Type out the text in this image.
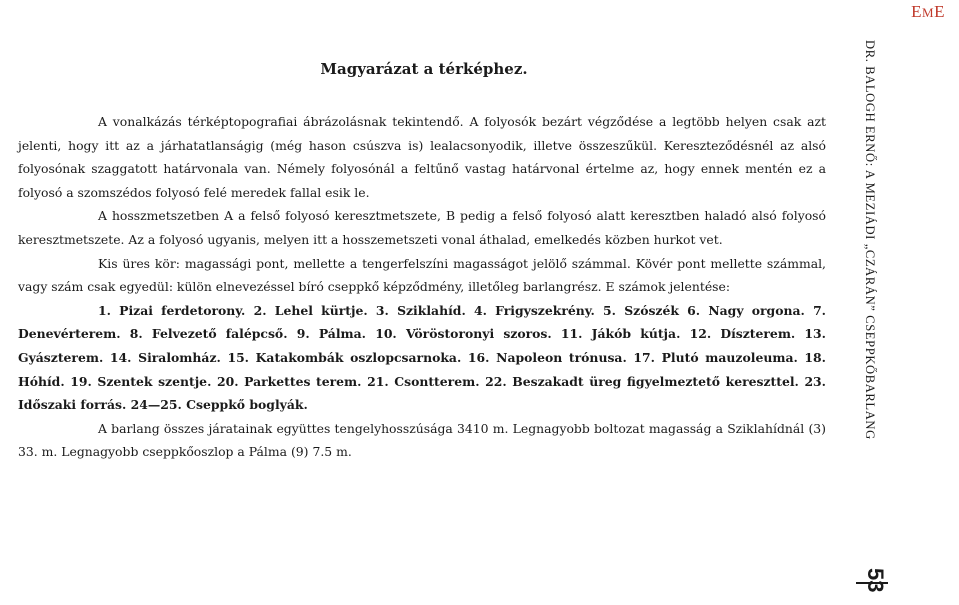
EME
Magyarázat a térképhez.

A vonalkázás térképtopografiai ábrázolásnak tekintendő. A folyosók bezárt végződése a legtöbb helyen csak azt jelenti, hogy itt az a járhatatlanságig (még hason csúszva is) lealacsonyodik, illetve összeszűkül. Kereszteződésnél az alsó folyosónak szaggatott határvonala van. Némely folyosónál a feltűnő vastag határvonal értelme az, hogy ennek mentén ez a folyosó a szomszédos folyosó felé meredek fallal esik le.

A hosszmetszetben A a felső folyosó keresztmetszete, B pedig a felső folyosó alatt keresztben haladó alsó folyosó keresztmetszete. Az a folyosó ugyanis, melyen itt a hosszemetszeti vonal áthalad, emelkedés közben hurkot vet.

Kis üres kör: magassági pont, mellette a tengerfelszíni magasságot jelölő számmal. Kövér pont mellette számmal, vagy szám csak egyedül: külön elnevezéssel bíró cseppkő képződmény, illetőleg barlangrész. E számok jelentése:

1. Pizai ferdetorony. 2. Lehel kürtje. 3. Sziklahíd. 4. Frigyszekrény. 5. Szószék 6. Nagy orgona. 7. Denevérterem. 8. Felvezető falépcső. 9. Pálma. 10. Vöröstoronyi szoros. 11. Jákób kútja. 12. Díszterem. 13. Gyászterem. 14. Siralomház. 15. Katakombák oszlopcsarnoka. 16. Napoleon trónusa. 17. Plutó mauzoleuma. 18. Hóhíd. 19. Szentek szentje. 20. Parkettes terem. 21. Csontterem. 22. Beszakadt üreg figyelmeztető kereszttel. 23. Időszaki forrás. 24—25. Cseppkő boglyák.

A barlang összes járatainak együttes tengelyhosszúsága 3410 m. Legnagyobb boltozat magasság a Sziklahídnál (3) 33. m. Legnagyobb cseppkőoszlop a Pálma (9) 7.5 m.

DR. BALOGH ERNŐ: A MEZIÁDI „CZÁRÁN” CSEPPKŐBARLANG
53
